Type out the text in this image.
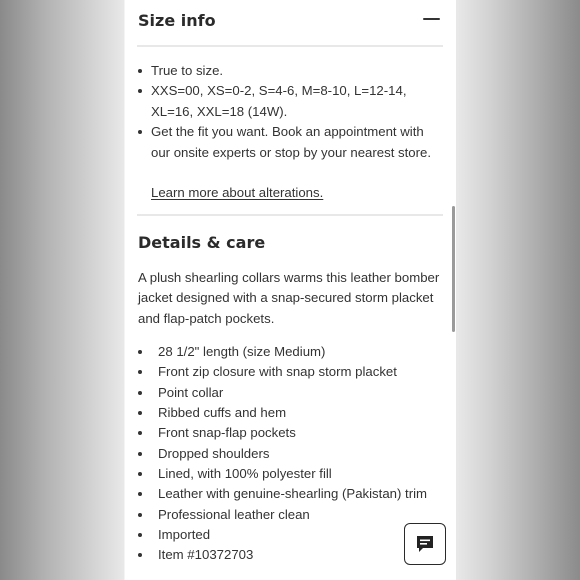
Size info
True to size.
XXS=00, XS=0-2, S=4-6, M=8-10, L=12-14, XL=16, XXL=18 (14W).
Get the fit you want. Book an appointment with our onsite experts or stop by your nearest store.
Learn more about alterations.
Details & care

A plush shearling collars warms this leather bomber jacket designed with a snap-secured storm placket and flap-patch pockets.

28 1/2" length (size Medium)
Front zip closure with snap storm placket
Point collar
Ribbed cuffs and hem
Front snap-flap pockets
Dropped shoulders
Lined, with 100% polyester fill
Leather with genuine-shearling (Pakistan) trim
Professional leather clean
Imported
Item #10372703
